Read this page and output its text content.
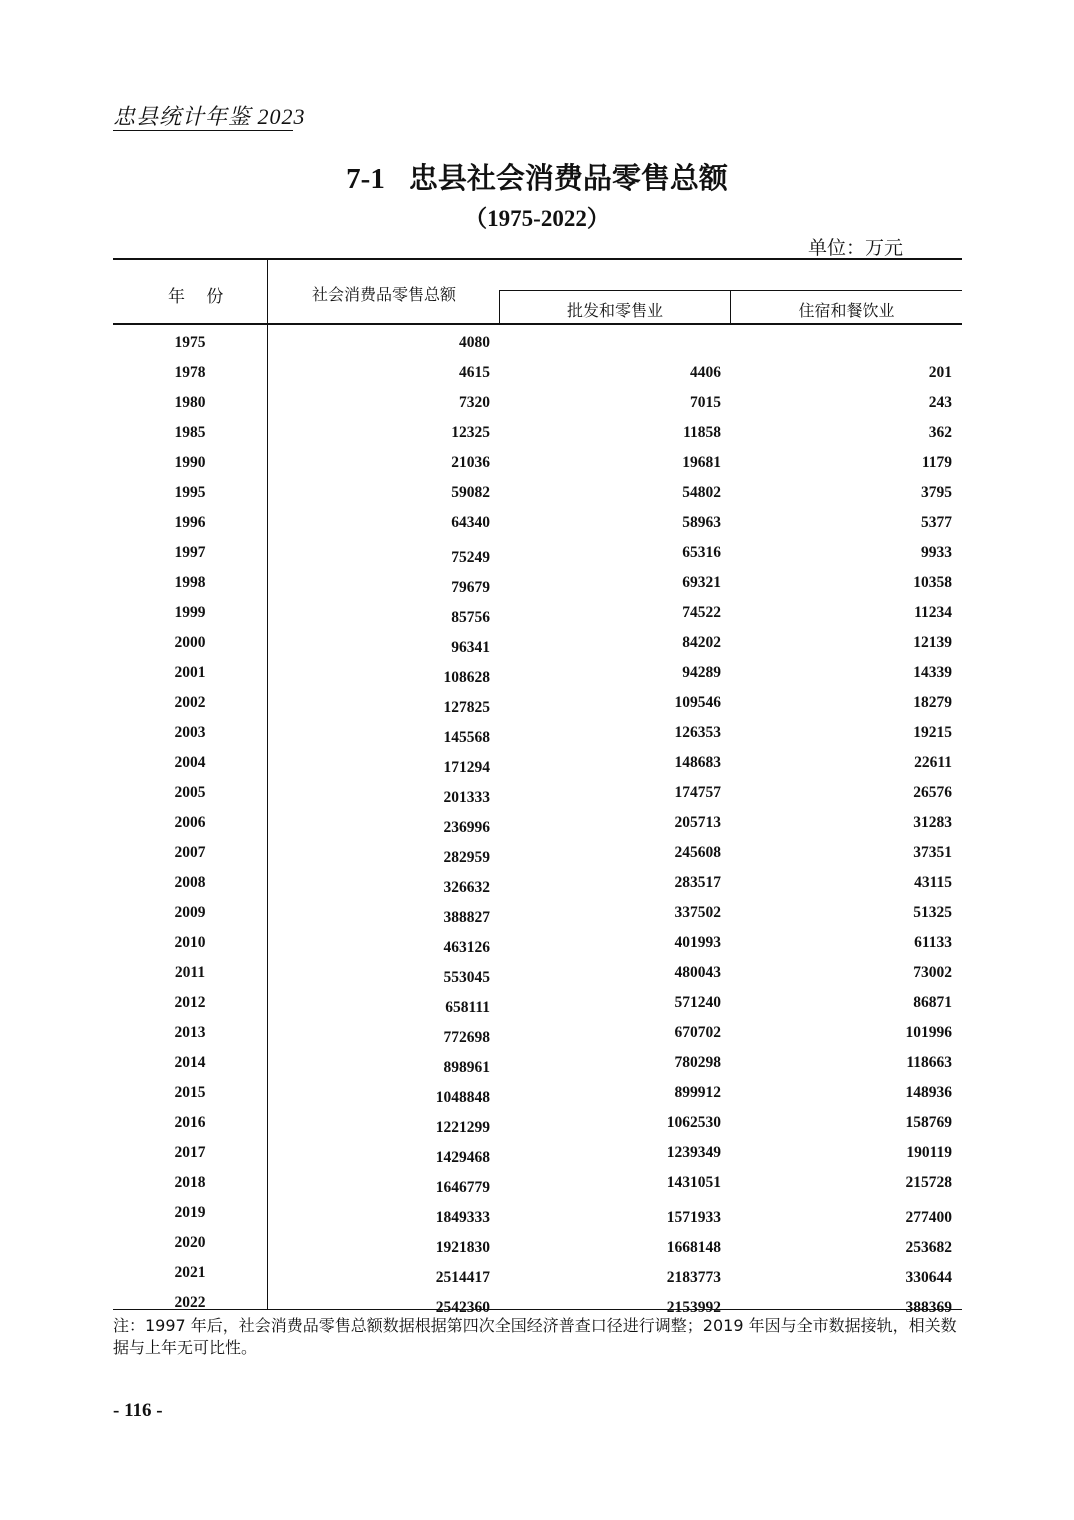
忠县统计年鉴 2023
7-1 忠县社会消费品零售总额
（1975-2022）
单位：万元
年 份	社会消费品零售总额
批发和零售业	住宿和餐饮业
1975	4080
1978	4615	4406	201
1980	7320	7015	243
1985	12325	11858	362
1990	21036	19681	1179
1995	59082	54802	3795
1996	64340	58963	5377
1997	75249	65316	9933
1998	79679	69321	10358
1999	85756	74522	11234
2000	96341	84202	12139
2001	108628	94289	14339
2002	127825	109546	18279
2003	145568	126353	19215
2004	171294	148683	22611
2005	201333	174757	26576
2006	236996	205713	31283
2007	282959	245608	37351
2008	326632	283517	43115
2009	388827	337502	51325
2010	463126	401993	61133
2011	553045	480043	73002
2012	658111	571240	86871
2013	772698	670702	101996
2014	898961	780298	118663
2015	1048848	899912	148936
2016	1221299	1062530	158769
2017	1429468	1239349	190119
2018	1646779	1431051	215728
2019	1849333	1571933	277400
2020	1921830	1668148	253682
2021	2514417	2183773	330644
2022	2542360	2153992	388369
注：1997 年后，社会消费品零售总额数据根据第四次全国经济普查口径进行调整；2019 年因与全市数据接轨，相关数据与上年无可比性。
- 116 -
